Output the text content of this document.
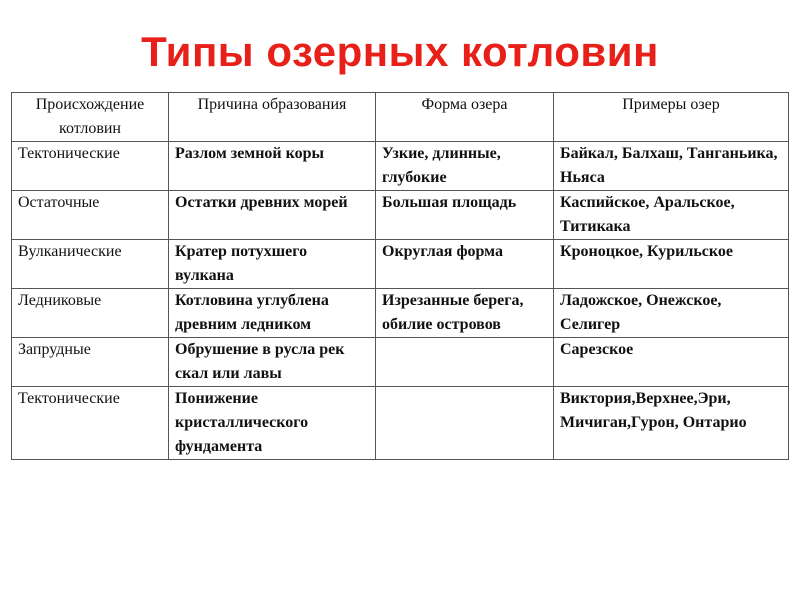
Типы озерных котловин
Происхождение котловин	Причина образования	Форма озера	Примеры озер
Тектонические	Разлом земной коры	Узкие, длинные, глубокие	Байкал, Балхаш, Танганьика, Ньяса
Остаточные	Остатки древних морей	Большая площадь	Каспийское, Аральское, Титикака
Вулканические	Кратер потухшего вулкана	Округлая форма	Кроноцкое, Курильское
Ледниковые	Котловина углублена древним ледником	Изрезанные берега, обилие островов	Ладожское, Онежское, Селигер
Запрудные	Обрушение в русла рек скал или лавы		Сарезское
Тектонические	Понижение кристаллического фундамента		Виктория,Верхнее,Эри, Мичиган,Гурон, Онтарио
